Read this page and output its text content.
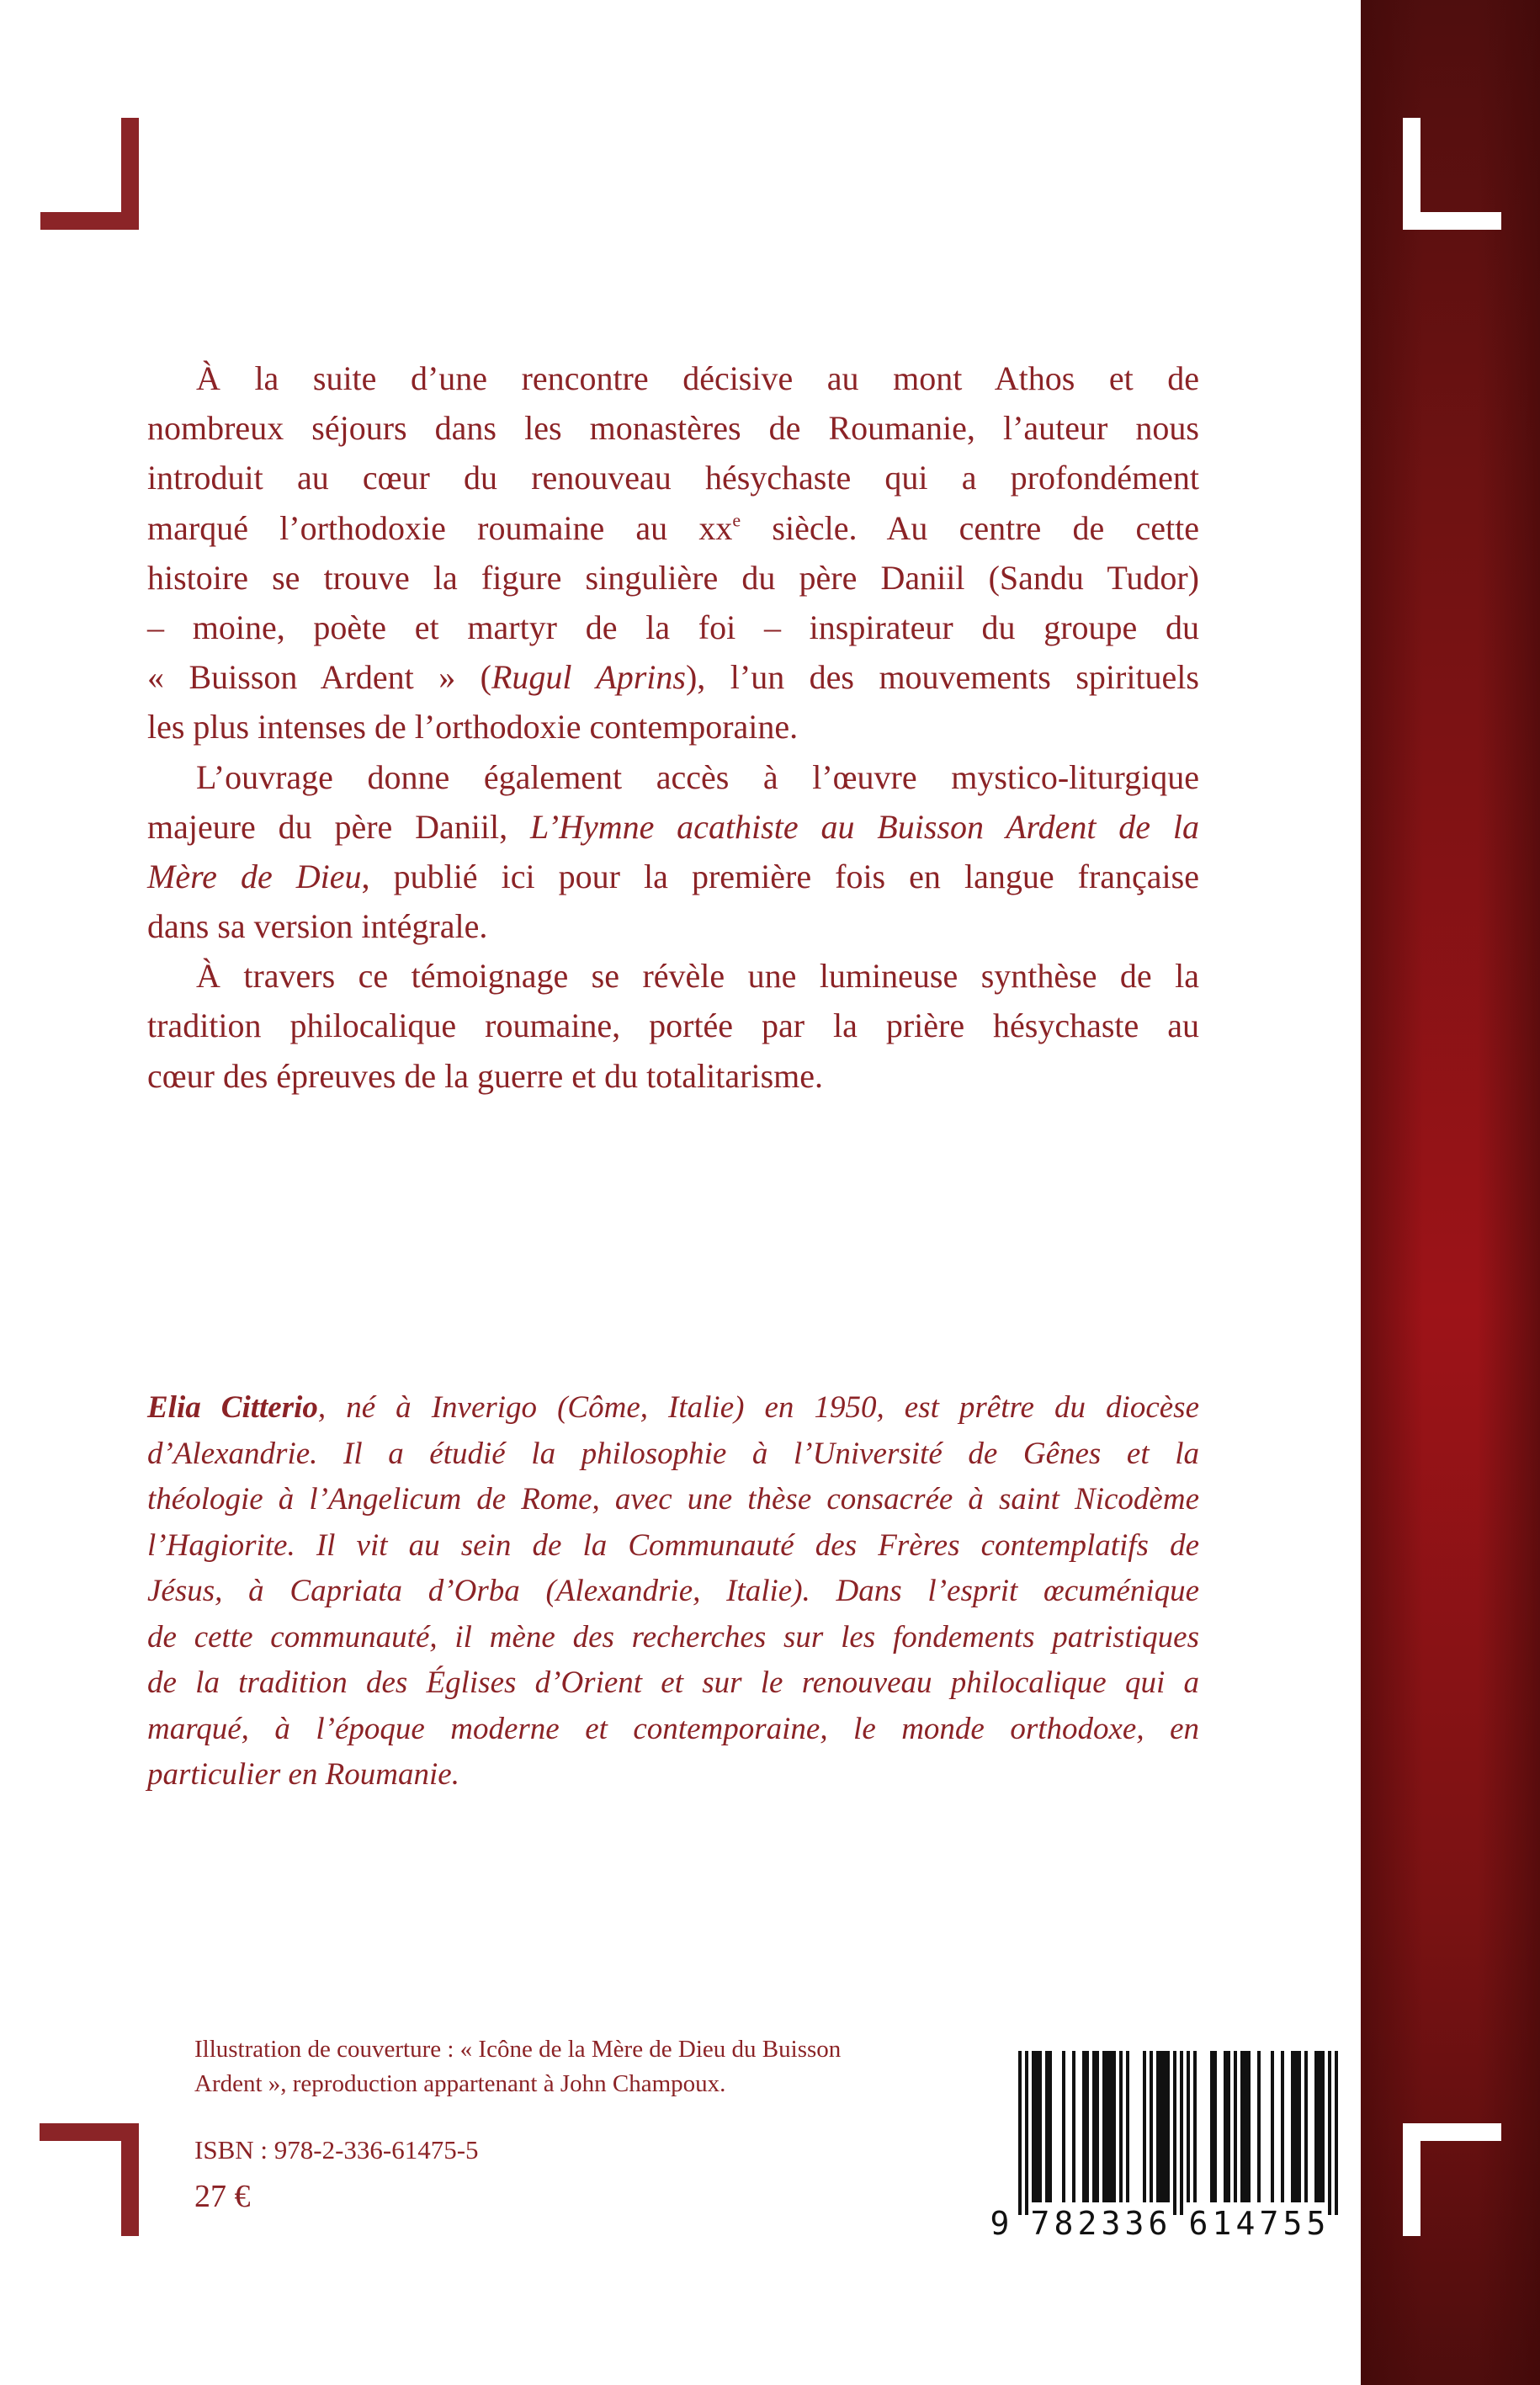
À la suite d’une rencontre décisive au mont Athos et de
nombreux séjours dans les monastères de Roumanie, l’auteur nous
introduit au cœur du renouveau hésychaste qui a profondément
marqué l’orthodoxie roumaine au $xx^e$ siècle. Au centre de cette
histoire se trouve la figure singulière du père Daniil (Sandu Tudor)
– moine, poète et martyr de la foi – inspirateur du groupe du
« Buisson Ardent » (Rugul Aprins), l’un des mouvements spirituels
les plus intenses de l’orthodoxie contemporaine.
L’ouvrage donne également accès à l’œuvre mystico-liturgique
majeure du père Daniil, L’Hymne acathiste au Buisson Ardent de la
Mère de Dieu, publié ici pour la première fois en langue française
dans sa version intégrale.
À travers ce témoignage se révèle une lumineuse synthèse de la
tradition philocalique roumaine, portée par la prière hésychaste au
cœur des épreuves de la guerre et du totalitarisme.
Elia Citterio, né à Inverigo (Côme, Italie) en 1950, est prêtre du diocèse
d’Alexandrie. Il a étudié la philosophie à l’Université de Gênes et la
théologie à l’Angelicum de Rome, avec une thèse consacrée à saint Nicodème
l’Hagiorite. Il vit au sein de la Communauté des Frères contemplatifs de
Jésus, à Capriata d’Orba (Alexandrie, Italie). Dans l’esprit œcuménique
de cette communauté, il mène des recherches sur les fondements patristiques
de la tradition des Églises d’Orient et sur le renouveau philocalique qui a
marqué, à l’époque moderne et contemporaine, le monde orthodoxe, en
particulier en Roumanie.
Illustration de couverture : « Icône de la Mère de Dieu du Buisson
Ardent », reproduction appartenant à John Champoux.
ISBN : 978-2-336-61475-5
27 €
9 7 8 2 3 3 6 6 1 4 7 5 5
